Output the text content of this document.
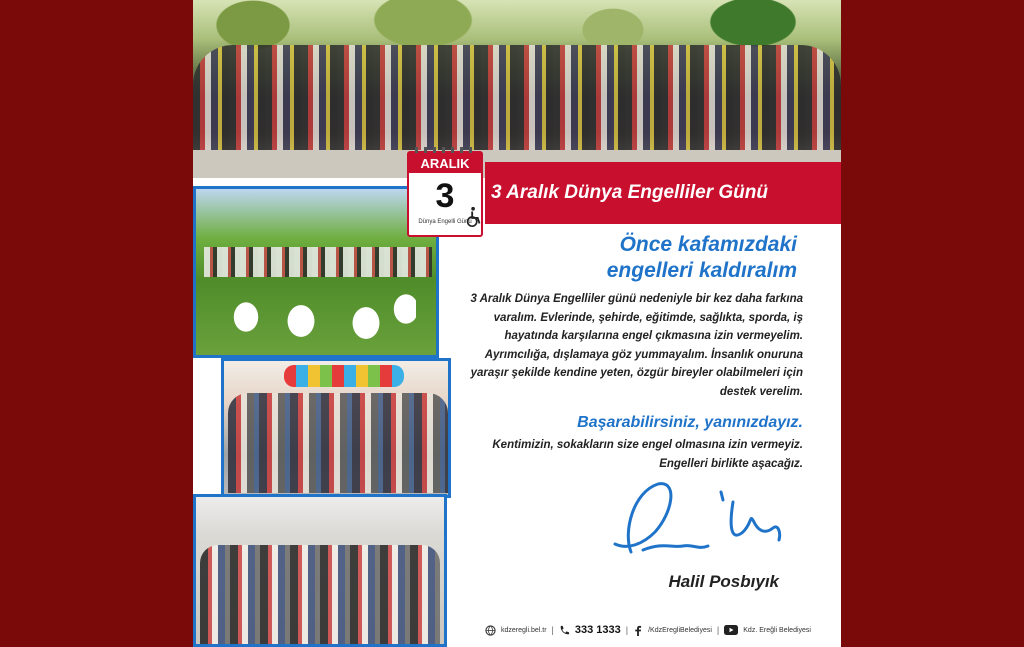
ARALIK
3
Dünya Engelli Günü
3 Aralık Dünya Engelliler Günü
Önce kafamızdaki
engelleri kaldıralım
3 Aralık Dünya Engelliler günü nedeniyle bir kez daha farkına varalım. Evlerinde, şehirde, eğitimde, sağlıkta, sporda, iş hayatında karşılarına engel çıkmasına izin vermeyelim. Ayrımcılığa, dışlamaya göz yummayalım. İnsanlık onuruna yaraşır şekilde kendine yeten, özgür bireyler olabilmeleri için destek verelim.
Başarabilirsiniz, yanınızdayız.
Kentimizin, sokakların size engel olmasına izin vermeyiz. Engelleri birlikte aşacağız.
Halil Posbıyık
kdzeregli.bel.tr | 333 1333 |	/KdzEregliBelediyesi |	Kdz. Ereğli Belediyesi
